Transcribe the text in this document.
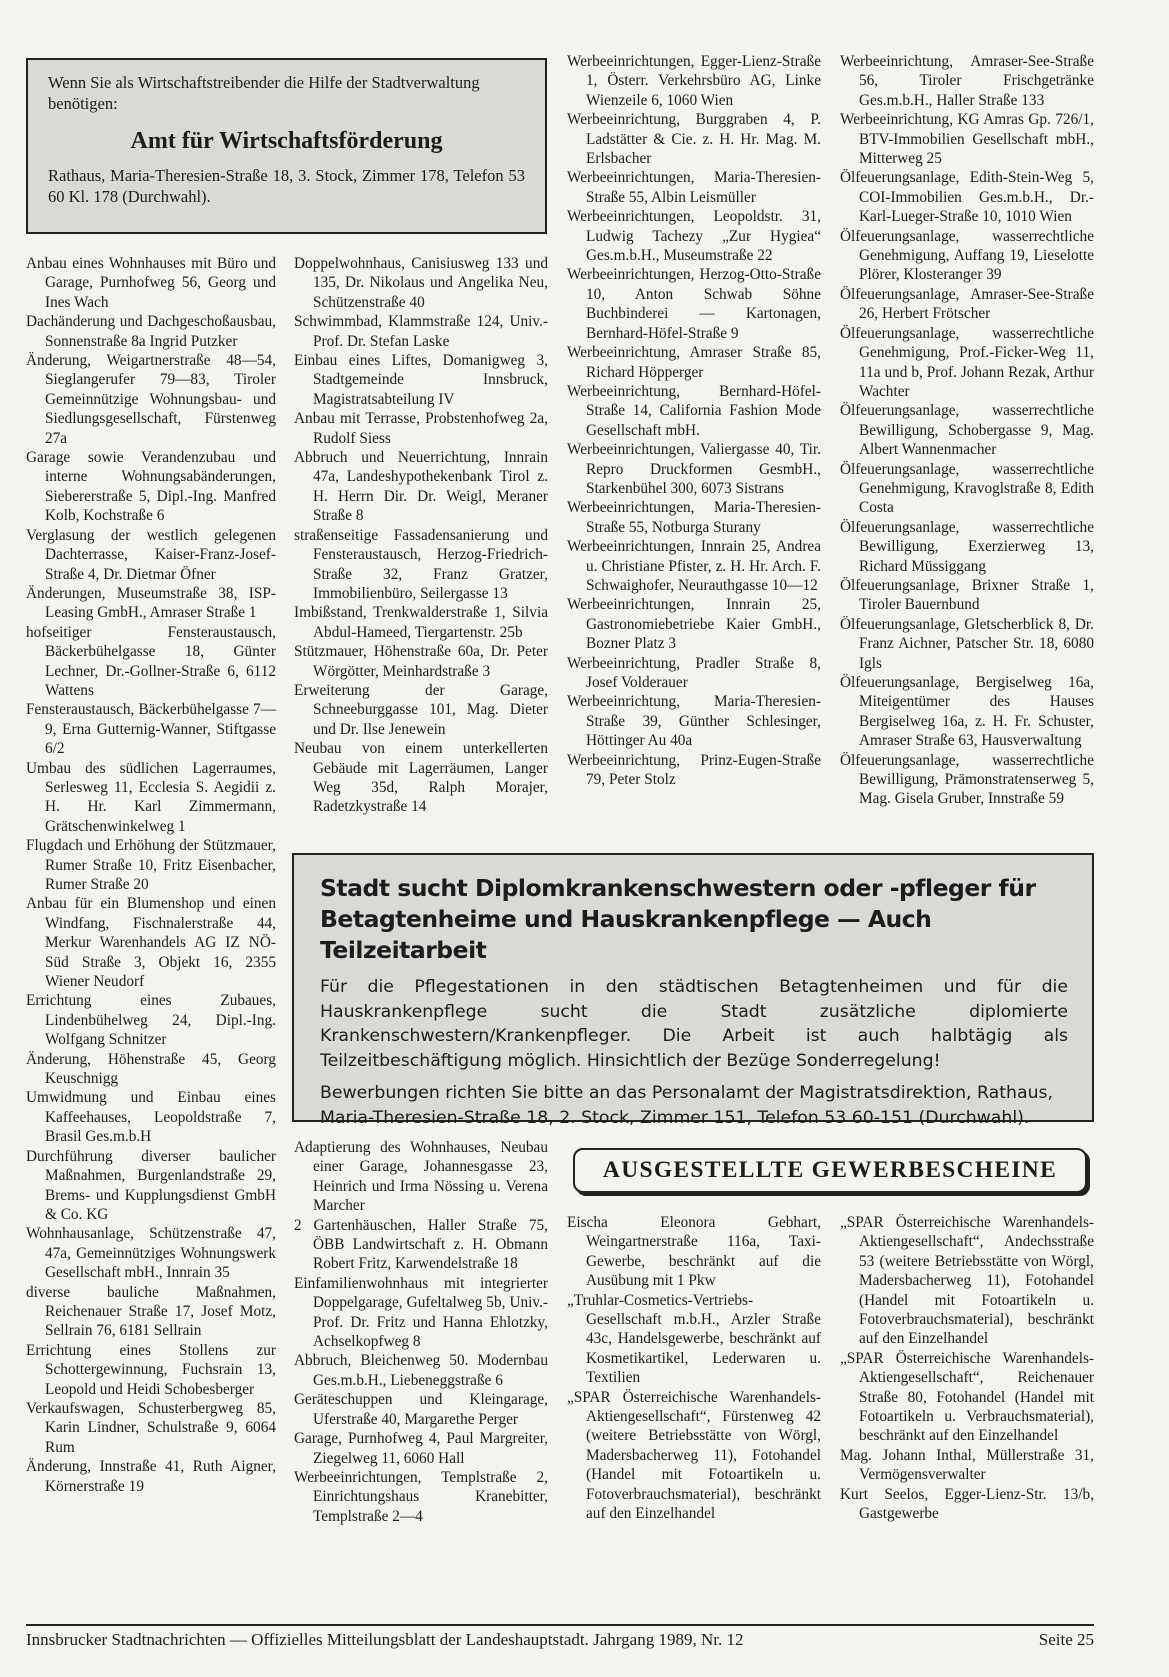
Wenn Sie als Wirtschaftstreibender die Hilfe der Stadtverwaltung benötigen:

Amt für Wirtschaftsförderung

Rathaus, Maria-Theresien-Straße 18, 3. Stock, Zimmer 178, Telefon 53 60 Kl. 178 (Durchwahl).

Anbau eines Wohnhauses mit Büro und Garage, Purnhofweg 56, Georg und Ines Wach

Dachänderung und Dachgeschoßausbau, Sonnenstraße 8a Ingrid Putzker

Änderung, Weigartnerstraße 48—54, Sieglangerufer 79—83, Tiroler Gemeinnützige Wohnungsbau- und Siedlungsgesellschaft, Fürstenweg 27a

Garage sowie Verandenzubau und interne Wohnungsabänderungen, Siebererstraße 5, Dipl.-Ing. Manfred Kolb, Kochstraße 6

Verglasung der westlich gelegenen Dachterrasse, Kaiser-Franz-Josef-Straße 4, Dr. Dietmar Öfner

Änderungen, Museumstraße 38, ISP-Leasing GmbH., Amraser Straße 1

hofseitiger Fensteraustausch, Bäckerbühelgasse 18, Günter Lechner, Dr.-Gollner-Straße 6, 6112 Wattens

Fensteraustausch, Bäckerbühelgasse 7—9, Erna Gutternig-Wanner, Stiftgasse 6/2

Umbau des südlichen Lagerraumes, Serlesweg 11, Ecclesia S. Aegidii z. H. Hr. Karl Zimmermann, Grätschenwinkelweg 1

Flugdach und Erhöhung der Stützmauer, Rumer Straße 10, Fritz Eisenbacher, Rumer Straße 20

Anbau für ein Blumenshop und einen Windfang, Fischnalerstraße 44, Merkur Warenhandels AG IZ NÖ-Süd Straße 3, Objekt 16, 2355 Wiener Neudorf

Errichtung eines Zubaues, Lindenbühelweg 24, Dipl.-Ing. Wolfgang Schnitzer

Änderung, Höhenstraße 45, Georg Keuschnigg

Umwidmung und Einbau eines Kaffeehauses, Leopoldstraße 7, Brasil Ges.m.b.H

Durchführung diverser baulicher Maßnahmen, Burgenlandstraße 29, Brems- und Kupplungsdienst GmbH & Co. KG

Wohnhausanlage, Schützenstraße 47, 47a, Gemeinnütziges Wohnungswerk Gesellschaft mbH., Innrain 35

diverse bauliche Maßnahmen, Reichenauer Straße 17, Josef Motz, Sellrain 76, 6181 Sellrain

Errichtung eines Stollens zur Schottergewinnung, Fuchsrain 13, Leopold und Heidi Schobesberger

Verkaufswagen, Schusterbergweg 85, Karin Lindner, Schulstraße 9, 6064 Rum

Änderung, Innstraße 41, Ruth Aigner, Körnerstraße 19

Doppelwohnhaus, Canisiusweg 133 und 135, Dr. Nikolaus und Angelika Neu, Schützenstraße 40

Schwimmbad, Klammstraße 124, Univ.-Prof. Dr. Stefan Laske

Einbau eines Liftes, Domanigweg 3, Stadtgemeinde Innsbruck, Magistratsabteilung IV

Anbau mit Terrasse, Probstenhofweg 2a, Rudolf Siess

Abbruch und Neuerrichtung, Innrain 47a, Landeshypothekenbank Tirol z. H. Herrn Dir. Dr. Weigl, Meraner Straße 8

straßenseitige Fassadensanierung und Fensteraustausch, Herzog-Friedrich-Straße 32, Franz Gratzer, Immobilienbüro, Seilergasse 13

Imbißstand, Trenkwalderstraße 1, Silvia Abdul-Hameed, Tiergartenstr. 25b

Stützmauer, Höhenstraße 60a, Dr. Peter Wörgötter, Meinhardstraße 3

Erweiterung der Garage, Schneeburggasse 101, Mag. Dieter und Dr. Ilse Jenewein

Neubau von einem unterkellerten Gebäude mit Lagerräumen, Langer Weg 35d, Ralph Morajer, Radetzkystraße 14

Adaptierung des Wohnhauses, Neubau einer Garage, Johannesgasse 23, Heinrich und Irma Nössing u. Verena Marcher

2 Gartenhäuschen, Haller Straße 75, ÖBB Landwirtschaft z. H. Obmann Robert Fritz, Karwendelstraße 18

Einfamilienwohnhaus mit integrierter Doppelgarage, Gufeltalweg 5b, Univ.-Prof. Dr. Fritz und Hanna Ehlotzky, Achselkopfweg 8

Abbruch, Bleichenweg 50. Modernbau Ges.m.b.H., Liebeneggstraße 6

Geräteschuppen und Kleingarage, Uferstraße 40, Margarethe Perger

Garage, Purnhofweg 4, Paul Margreiter, Ziegelweg 11, 6060 Hall

Werbeeinrichtungen, Templstraße 2, Einrichtungshaus Kranebitter, Templstraße 2—4

Werbeeinrichtungen, Egger-Lienz-Straße 1, Österr. Verkehrsbüro AG, Linke Wienzeile 6, 1060 Wien

Werbeeinrichtung, Burggraben 4, P. Ladstätter & Cie. z. H. Hr. Mag. M. Erlsbacher

Werbeeinrichtungen, Maria-Theresien-Straße 55, Albin Leismüller

Werbeeinrichtungen, Leopoldstr. 31, Ludwig Tachezy „Zur Hygiea“ Ges.m.b.H., Museumstraße 22

Werbeeinrichtungen, Herzog-Otto-Straße 10, Anton Schwab Söhne Buchbinderei — Kartonagen, Bernhard-Höfel-Straße 9

Werbeeinrichtung, Amraser Straße 85, Richard Höpperger

Werbeeinrichtung, Bernhard-Höfel-Straße 14, California Fashion Mode Gesellschaft mbH.

Werbeeinrichtungen, Valiergasse 40, Tir. Repro Druckformen GesmbH., Starkenbühel 300, 6073 Sistrans

Werbeeinrichtungen, Maria-Theresien-Straße 55, Notburga Sturany

Werbeeinrichtungen, Innrain 25, Andrea u. Christiane Pfister, z. H. Hr. Arch. F. Schwaighofer, Neurauthgasse 10—12

Werbeeinrichtungen, Innrain 25, Gastronomiebetriebe Kaier GmbH., Bozner Platz 3

Werbeeinrichtung, Pradler Straße 8, Josef Volderauer

Werbeeinrichtung, Maria-Theresien-Straße 39, Günther Schlesinger, Höttinger Au 40a

Werbeeinrichtung, Prinz-Eugen-Straße 79, Peter Stolz

Werbeeinrichtung, Amraser-See-Straße 56, Tiroler Frischgetränke Ges.m.b.H., Haller Straße 133

Werbeeinrichtung, KG Amras Gp. 726/1, BTV-Immobilien Gesellschaft mbH., Mitterweg 25

Ölfeuerungsanlage, Edith-Stein-Weg 5, COI-Immobilien Ges.m.b.H., Dr.-Karl-Lueger-Straße 10, 1010 Wien

Ölfeuerungsanlage, wasserrechtliche Genehmigung, Auffang 19, Lieselotte Plörer, Klosteranger 39

Ölfeuerungsanlage, Amraser-See-Straße 26, Herbert Frötscher

Ölfeuerungsanlage, wasserrechtliche Genehmigung, Prof.-Ficker-Weg 11, 11a und b, Prof. Johann Rezak, Arthur Wachter

Ölfeuerungsanlage, wasserrechtliche Bewilligung, Schobergasse 9, Mag. Albert Wannenmacher

Ölfeuerungsanlage, wasserrechtliche Genehmigung, Kravoglstraße 8, Edith Costa

Ölfeuerungsanlage, wasserrechtliche Bewilligung, Exerzierweg 13, Richard Müssiggang

Ölfeuerungsanlage, Brixner Straße 1, Tiroler Bauernbund

Ölfeuerungsanlage, Gletscherblick 8, Dr. Franz Aichner, Patscher Str. 18, 6080 Igls

Ölfeuerungsanlage, Bergiselweg 16a, Miteigentümer des Hauses Bergiselweg 16a, z. H. Fr. Schuster, Amraser Straße 63, Hausverwaltung

Ölfeuerungsanlage, wasserrechtliche Bewilligung, Prämonstratenserweg 5, Mag. Gisela Gruber, Innstraße 59

Stadt sucht Diplomkrankenschwestern oder -pfleger für

Betagtenheime und Hauskrankenpflege — Auch Teilzeitarbeit

Für die Pflegestationen in den städtischen Betagtenheimen und für die Hauskrankenpflege sucht die Stadt zusätzliche diplomierte Krankenschwestern/Krankenpfleger. Die Arbeit ist auch halbtägig als Teilzeitbeschäftigung möglich. Hinsichtlich der Bezüge Sonderregelung!

Bewerbungen richten Sie bitte an das Personalamt der Magistratsdirektion, Rathaus, Maria-Theresien-Straße 18, 2. Stock, Zimmer 151, Telefon 53 60-151 (Durchwahl).

AUSGESTELLTE GEWERBESCHEINE

Eischa Eleonora Gebhart, Weingartnerstraße 116a, Taxi-Gewerbe, beschränkt auf die Ausübung mit 1 Pkw

„Truhlar-Cosmetics-Vertriebs-Gesellschaft m.b.H., Arzler Straße 43c, Handelsgewerbe, beschränkt auf Kosmetikartikel, Lederwaren u. Textilien

„SPAR Österreichische Warenhandels-Aktiengesellschaft“, Fürstenweg 42 (weitere Betriebsstätte von Wörgl, Madersbacherweg 11), Fotohandel (Handel mit Fotoartikeln u. Fotoverbrauchsmaterial), beschränkt auf den Einzelhandel

„SPAR Österreichische Warenhandels-Aktiengesellschaft“, Andechsstraße 53 (weitere Betriebsstätte von Wörgl, Madersbacherweg 11), Fotohandel (Handel mit Fotoartikeln u. Fotoverbrauchsmaterial), beschränkt auf den Einzelhandel

„SPAR Österreichische Warenhandels-Aktiengesellschaft“, Reichenauer Straße 80, Fotohandel (Handel mit Fotoartikeln u. Verbrauchsmaterial), beschränkt auf den Einzelhandel

Mag. Johann Inthal, Müllerstraße 31, Vermögensverwalter

Kurt Seelos, Egger-Lienz-Str. 13/b, Gastgewerbe

Innsbrucker Stadtnachrichten — Offizielles Mitteilungsblatt der Landeshauptstadt. Jahrgang 1989, Nr. 12	Seite 25
